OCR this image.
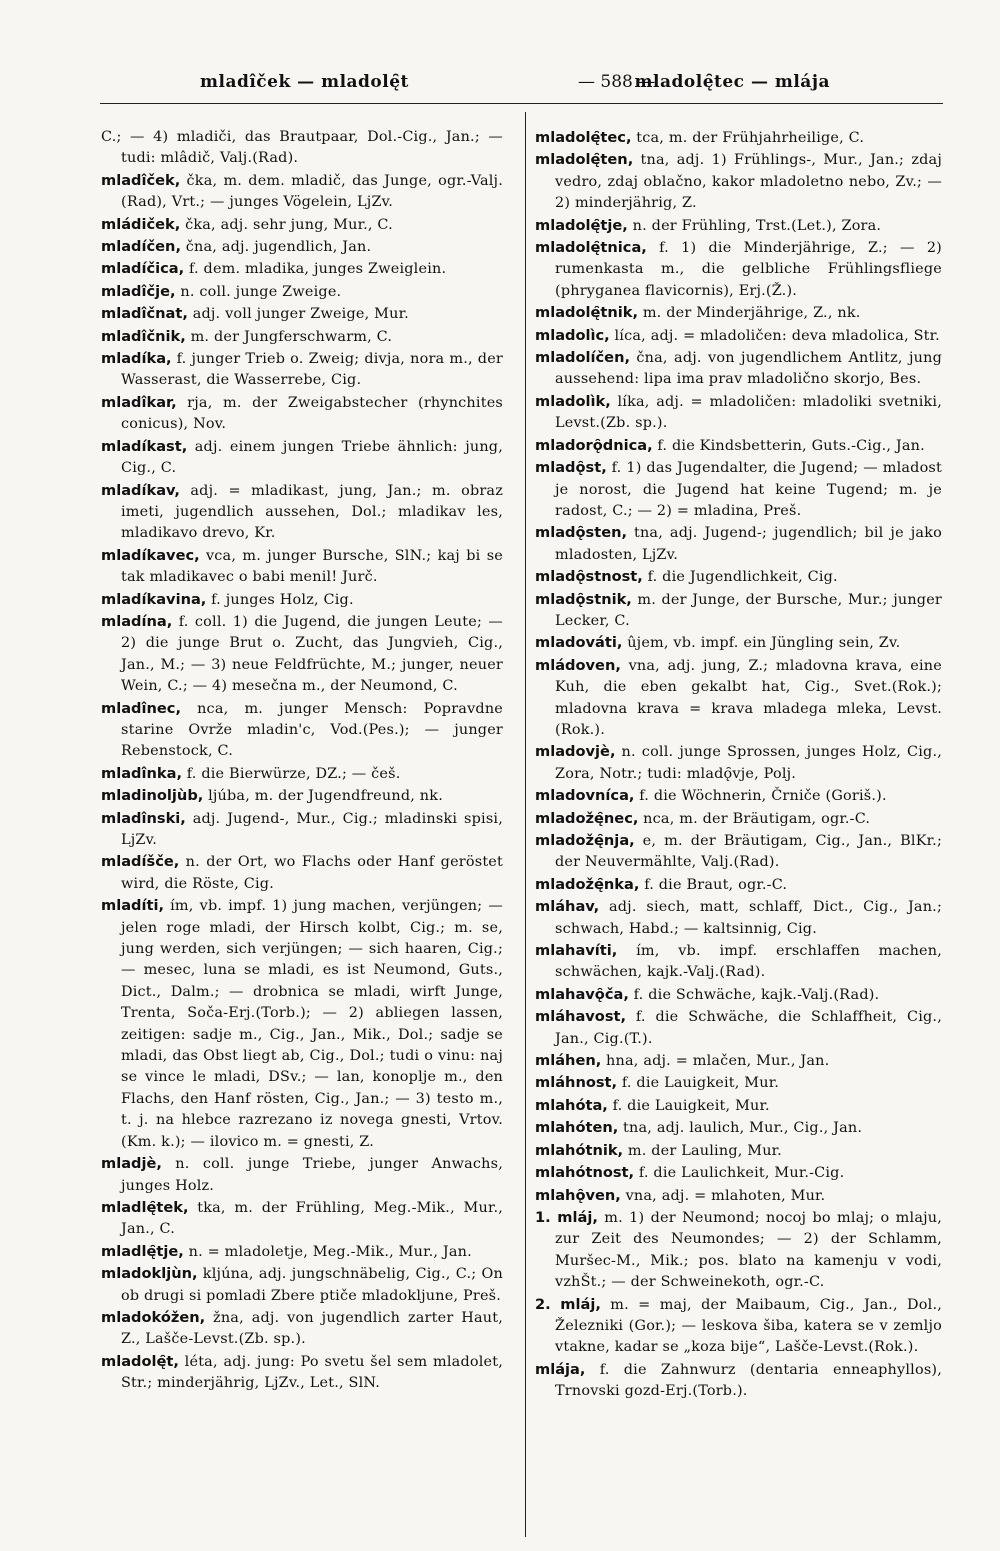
mladîček — mladolę̑t	— 588 —
mladolę̑tec — mlája
C.; — 4) mladiči, das Brautpaar, Dol.-Cig., Jan.; — tudi: mlâdič, Valj.(Rad).
mladîček, čka, m. dem. mladič, das Junge, ogr.-Valj.(Rad), Vrt.; — junges Vögelein, LjZv.
mládiček, čka, adj. sehr jung, Mur., C.
mladíčen, čna, adj. jugendlich, Jan.
mladíčica, f. dem. mladika, junges Zweiglein.
mladîčje, n. coll. junge Zweige.
mladîčnat, adj. voll junger Zweige, Mur.
mladîčnik, m. der Jungferschwarm, C.
mladíka, f. junger Trieb o. Zweig; divja, nora m., der Wasserast, die Wasserrebe, Cig.
mladîkar, rja, m. der Zweigabstecher (rhynchites conicus), Nov.
mladíkast, adj. einem jungen Triebe ähnlich: jung, Cig., C.
mladíkav, adj. = mladikast, jung, Jan.; m. obraz imeti, jugendlich aussehen, Dol.; mladikav les, mladikavo drevo, Kr.
mladíkavec, vca, m. junger Bursche, SlN.; kaj bi se tak mladikavec o babi menil! Jurč.
mladíkavina, f. junges Holz, Cig.
mladína, f. coll. 1) die Jugend, die jungen Leute; — 2) die junge Brut o. Zucht, das Jungvieh, Cig., Jan., M.; — 3) neue Feldfrüchte, M.; junger, neuer Wein, C.; — 4) mesečna m., der Neumond, C.
mladînec, nca, m. junger Mensch: Popravdne starine Ovrže mladin'c, Vod.(Pes.); — junger Rebenstock, C.
mladînka, f. die Bierwürze, DZ.; — češ.
mladinoljùb, ljúba, m. der Jugendfreund, nk.
mladînski, adj. Jugend-, Mur., Cig.; mladinski spisi, LjZv.
mladíšče, n. der Ort, wo Flachs oder Hanf geröstet wird, die Röste, Cig.
mladíti, ím, vb. impf. 1) jung machen, verjüngen; — jelen roge mladi, der Hirsch kolbt, Cig.; m. se, jung werden, sich verjüngen; — sich haaren, Cig.; — mesec, luna se mladi, es ist Neumond, Guts., Dict., Dalm.; — drobnica se mladi, wirft Junge, Trenta, Soča-Erj.(Torb.); — 2) abliegen lassen, zeitigen: sadje m., Cig., Jan., Mik., Dol.; sadje se mladi, das Obst liegt ab, Cig., Dol.; tudi o vinu: naj se vince le mladi, DSv.; — lan, konoplje m., den Flachs, den Hanf rösten, Cig., Jan.; — 3) testo m., t. j. na hlebce razrezano iz novega gnesti, Vrtov.(Km. k.); — ilovico m. = gnesti, Z.
mladjè, n. coll. junge Triebe, junger Anwachs, junges Holz.
mladlę̑tek, tka, m. der Frühling, Meg.-Mik., Mur., Jan., C.
mladlę̑tje, n. = mladoletje, Meg.-Mik., Mur., Jan.
mladokljùn, kljúna, adj. jungschnäbelig, Cig., C.; On ob drugi si pomladi Zbere ptiče mladokljune, Preš.
mladokóžen, žna, adj. von jugendlich zarter Haut, Z., Lašče-Levst.(Zb. sp.).
mladolę̑t, léta, adj. jung: Po svetu šel sem mladolet, Str.; minderjährig, LjZv., Let., SlN.
mladolę̑tec, tca, m. der Frühjahrheilige, C.
mladolę̑ten, tna, adj. 1) Frühlings-, Mur., Jan.; zdaj vedro, zdaj oblačno, kakor mladoletno nebo, Zv.; — 2) minderjährig, Z.
mladolę̑tje, n. der Frühling, Trst.(Let.), Zora.
mladolę̑tnica, f. 1) die Minderjährige, Z.; — 2) rumenkasta m., die gelbliche Frühlingsfliege (phryganea flavicornis), Erj.(Ž.).
mladolę̑tnik, m. der Minderjährige, Z., nk.
mladolìc, líca, adj. = mladoličen: deva mladolica, Str.
mladolíčen, čna, adj. von jugendlichem Antlitz, jung aussehend: lipa ima prav mladolično skorjo, Bes.
mladolìk, líka, adj. = mladoličen: mladoliki svetniki, Levst.(Zb. sp.).
mladorǫ̑dnica, f. die Kindsbetterin, Guts.-Cig., Jan.
mladǫ̑st, f. 1) das Jugendalter, die Jugend; — mladost je norost, die Jugend hat keine Tugend; m. je radost, C.; — 2) = mladina, Preš.
mladǫ̑sten, tna, adj. Jugend-; jugendlich; bil je jako mladosten, LjZv.
mladǫ̑stnost, f. die Jugendlichkeit, Cig.
mladǫ̑stnik, m. der Junge, der Bursche, Mur.; junger Lecker, C.
mladováti, ûjem, vb. impf. ein Jüngling sein, Zv.
mládoven, vna, adj. jung, Z.; mladovna krava, eine Kuh, die eben gekalbt hat, Cig., Svet.(Rok.); mladovna krava = krava mladega mleka, Levst.(Rok.).
mladovjè, n. coll. junge Sprossen, junges Holz, Cig., Zora, Notr.; tudi: mladǫ̑vje, Polj.
mladovníca, f. die Wöchnerin, Črniče (Goriš.).
mladožę̑nec, nca, m. der Bräutigam, ogr.-C.
mladožę̑nja, e, m. der Bräutigam, Cig., Jan., BlKr.; der Neuvermählte, Valj.(Rad).
mladožę̑nka, f. die Braut, ogr.-C.
mláhav, adj. siech, matt, schlaff, Dict., Cig., Jan.; schwach, Habd.; — kaltsinnig, Cig.
mlahavíti, ím, vb. impf. erschlaffen machen, schwächen, kajk.-Valj.(Rad).
mlahavǫ̑ča, f. die Schwäche, kajk.-Valj.(Rad).
mláhavost, f. die Schwäche, die Schlaffheit, Cig., Jan., Cig.(T.).
mláhen, hna, adj. = mlačen, Mur., Jan.
mláhnost, f. die Lauigkeit, Mur.
mlahóta, f. die Lauigkeit, Mur.
mlahóten, tna, adj. laulich, Mur., Cig., Jan.
mlahótnik, m. der Lauling, Mur.
mlahótnost, f. die Laulichkeit, Mur.-Cig.
mlahǫ̑ven, vna, adj. = mlahoten, Mur.
1. mláj, m. 1) der Neumond; nocoj bo mlaj; o mlaju, zur Zeit des Neumondes; — 2) der Schlamm, Muršec-M., Mik.; pos. blato na kamenju v vodi, vzhŠt.; — der Schweinekoth, ogr.-C.
2. mláj, m. = maj, der Maibaum, Cig., Jan., Dol., Železniki (Gor.); — leskova šiba, katera se v zemljo vtakne, kadar se „koza bije“, Lašče-Levst.(Rok.).
mlája, f. die Zahnwurz (dentaria enneaphyllos), Trnovski gozd-Erj.(Torb.).
